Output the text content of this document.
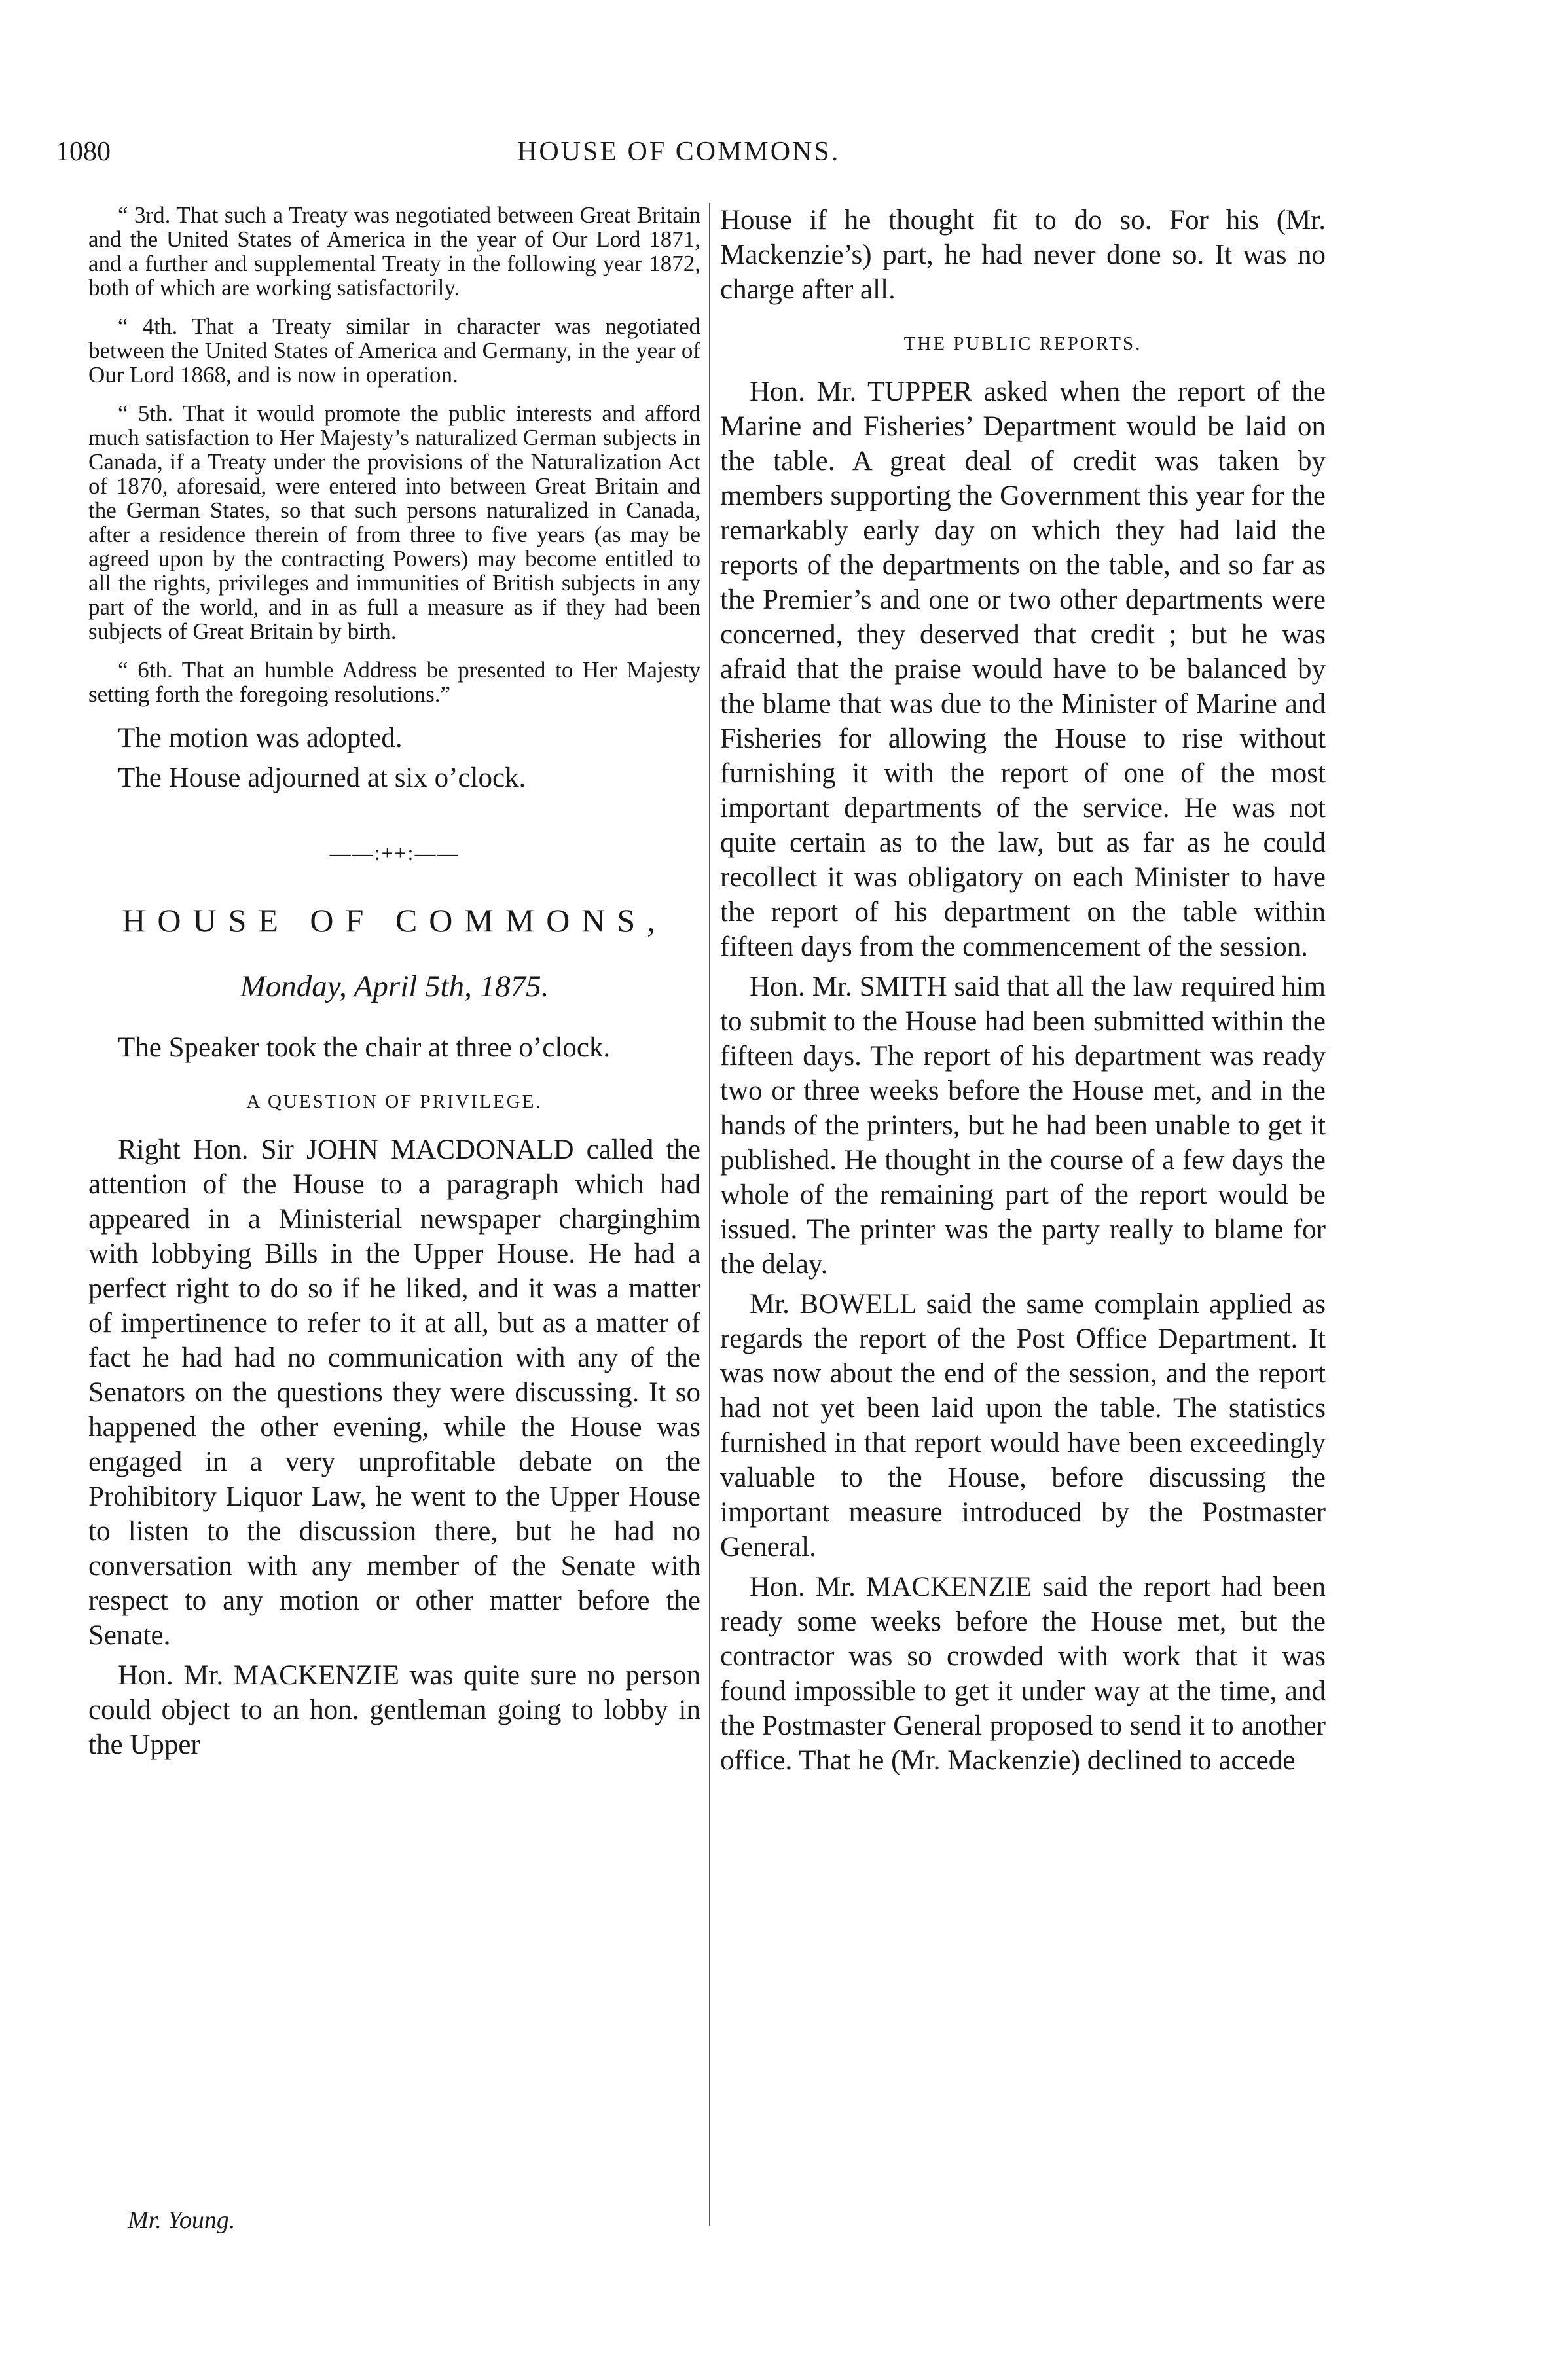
1080	HOUSE OF COMMONS.

“ 3rd. That such a Treaty was negotiated between Great Britain and the United States of America in the year of Our Lord 1871, and a further and supplemental Treaty in the following year 1872, both of which are working satisfactorily.

“ 4th. That a Treaty similar in character was negotiated between the United States of America and Germany, in the year of Our Lord 1868, and is now in operation.

“ 5th. That it would promote the public interests and afford much satisfaction to Her Majesty’s naturalized German subjects in Canada, if a Treaty under the provisions of the Naturalization Act of 1870, aforesaid, were entered into between Great Britain and the German States, so that such persons naturalized in Canada, after a residence therein of from three to five years (as may be agreed upon by the contracting Powers) may become entitled to all the rights, privileges and immunities of British subjects in any part of the world, and in as full a measure as if they had been subjects of Great Britain by birth.

“ 6th. That an humble Address be presented to Her Majesty setting forth the foregoing resolutions.”

The motion was adopted.

The House adjourned at six o’clock.

——:++:——
HOUSE OF COMMONS,
Monday, April 5th, 1875.

The Speaker took the chair at three o’clock.

A QUESTION OF PRIVILEGE.

Right Hon. Sir JOHN MACDONALD called the attention of the House to a paragraph which had appeared in a Ministerial newspaper charginghim with lobbying Bills in the Upper House. He had a perfect right to do so if he liked, and it was a matter of impertinence to refer to it at all, but as a matter of fact he had had no communication with any of the Senators on the questions they were discussing. It so happened the other evening, while the House was engaged in a very unprofitable debate on the Prohibitory Liquor Law, he went to the Upper House to listen to the discussion there, but he had no conversation with any member of the Senate with respect to any motion or other matter before the Senate.

Hon. Mr. MACKENZIE was quite sure no person could object to an hon. gentleman going to lobby in the Upper

House if he thought fit to do so. For his (Mr. Mackenzie’s) part, he had never done so. It was no charge after all.

THE PUBLIC REPORTS.

Hon. Mr. TUPPER asked when the report of the Marine and Fisheries’ Department would be laid on the table. A great deal of credit was taken by members supporting the Government this year for the remarkably early day on which they had laid the reports of the departments on the table, and so far as the Premier’s and one or two other departments were concerned, they deserved that credit ; but he was afraid that the praise would have to be balanced by the blame that was due to the Minister of Marine and Fisheries for allowing the House to rise without furnishing it with the report of one of the most important departments of the service. He was not quite certain as to the law, but as far as he could recollect it was obligatory on each Minister to have the report of his department on the table within fifteen days from the commencement of the session.

Hon. Mr. SMITH said that all the law required him to submit to the House had been submitted within the fifteen days. The report of his department was ready two or three weeks before the House met, and in the hands of the printers, but he had been unable to get it published. He thought in the course of a few days the whole of the remaining part of the report would be issued. The printer was the party really to blame for the delay.

Mr. BOWELL said the same complain applied as regards the report of the Post Office Department. It was now about the end of the session, and the report had not yet been laid upon the table. The statistics furnished in that report would have been exceedingly valuable to the House, before discussing the important measure introduced by the Postmaster General.

Hon. Mr. MACKENZIE said the report had been ready some weeks before the House met, but the contractor was so crowded with work that it was found impossible to get it under way at the time, and the Postmaster General proposed to send it to another office. That he (Mr. Mackenzie) declined to accede

Mr. Young.
